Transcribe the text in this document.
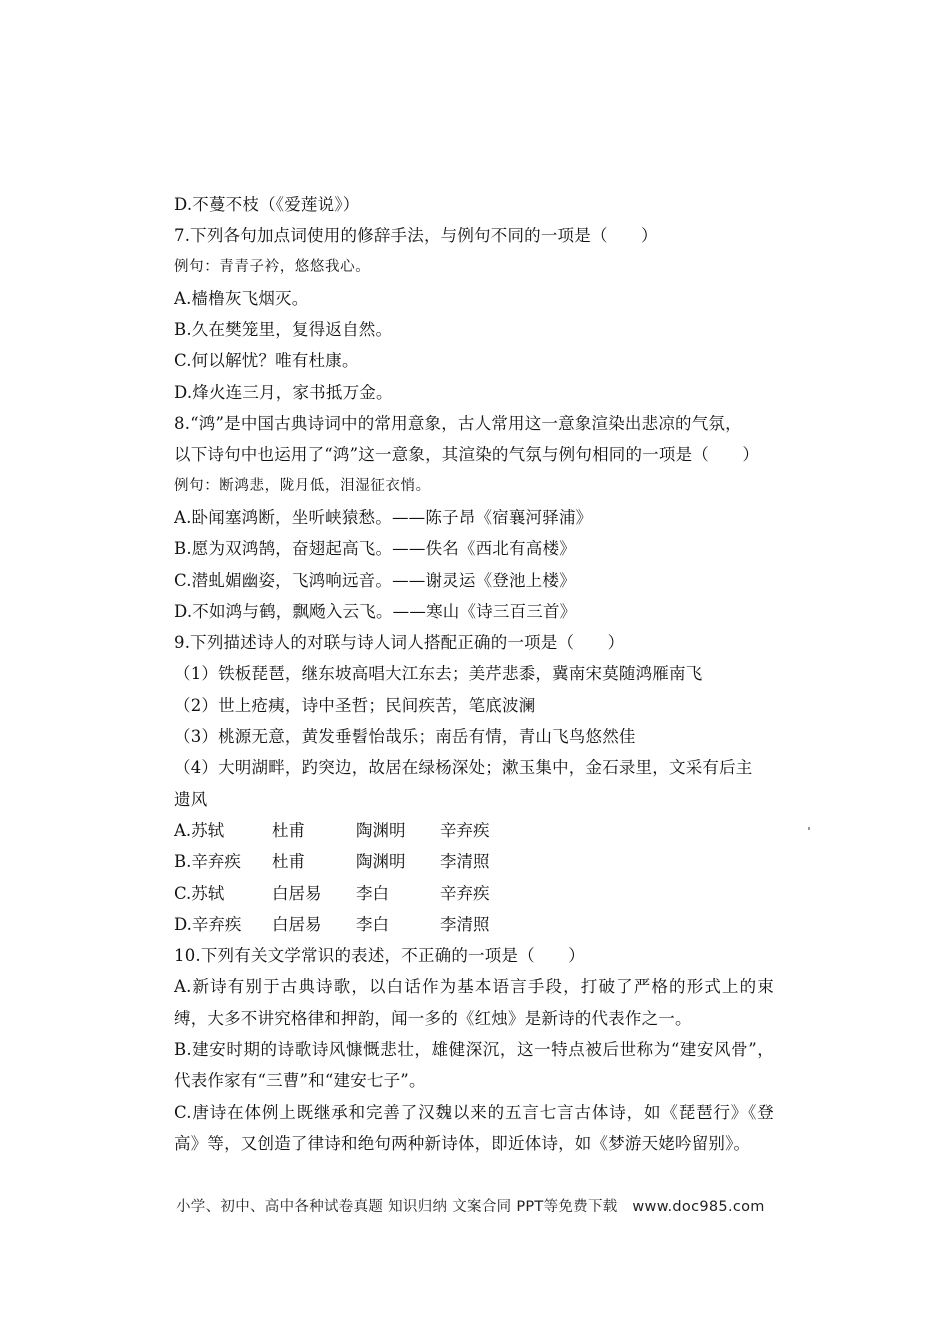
D.不蔓不枝（《爱莲说》）
7.下列各句加点词使用的修辞手法，与例句不同的一项是（　　）
例句：青青子衿，悠悠我心。
A.樯橹灰飞烟灭。
B.久在樊笼里，复得返自然。
C.何以解忧？唯有杜康。
D.烽火连三月，家书抵万金。
8.“鸿”是中国古典诗词中的常用意象，古人常用这一意象渲染出悲凉的气氛，
以下诗句中也运用了“鸿”这一意象，其渲染的气氛与例句相同的一项是（　　）
例句：断鸿悲，陇月低，泪湿征衣悄。
A.卧闻塞鸿断，坐听峡猿愁。——陈子昂《宿襄河驿浦》
B.愿为双鸿鹄，奋翅起高飞。——佚名《西北有高楼》
C.潜虬媚幽姿，飞鸿响远音。——谢灵运《登池上楼》
D.不如鸿与鹤，飘飏入云飞。——寒山《诗三百三首》
9.下列描述诗人的对联与诗人词人搭配正确的一项是（　　）
（1）铁板琵琶，继东坡高唱大江东去；美芹悲黍，冀南宋莫随鸿雁南飞
（2）世上疮痍，诗中圣哲；民间疾苦，笔底波澜
（3）桃源无意，黄发垂髫怡哉乐；南岳有情，青山飞鸟悠然佳
（4）大明湖畔，趵突边，故居在绿杨深处；漱玉集中，金石录里，文采有后主
遗风
A.苏轼	杜甫	陶渊明	辛弃疾
B.辛弃疾	杜甫	陶渊明	李清照
C.苏轼	白居易	李白	辛弃疾
D.辛弃疾	白居易	李白	李清照
10.下列有关文学常识的表述，不正确的一项是（　　）
A.新诗有别于古典诗歌，以白话作为基本语言手段，打破了严格的形式上的束缚，大多不讲究格律和押韵，闻一多的《红烛》是新诗的代表作之一。
B.建安时期的诗歌诗风慷慨悲壮，雄健深沉，这一特点被后世称为“建安风骨”，代表作家有“三曹”和“建安七子”。
C.唐诗在体例上既继承和完善了汉魏以来的五言七言古体诗，如《琵琶行》《登高》等，又创造了律诗和绝句两种新诗体，即近体诗，如《梦游天姥吟留别》。
小学、初中、高中各种试卷真题 知识归纳 文案合同 PPT等免费下载　www.doc985.com
